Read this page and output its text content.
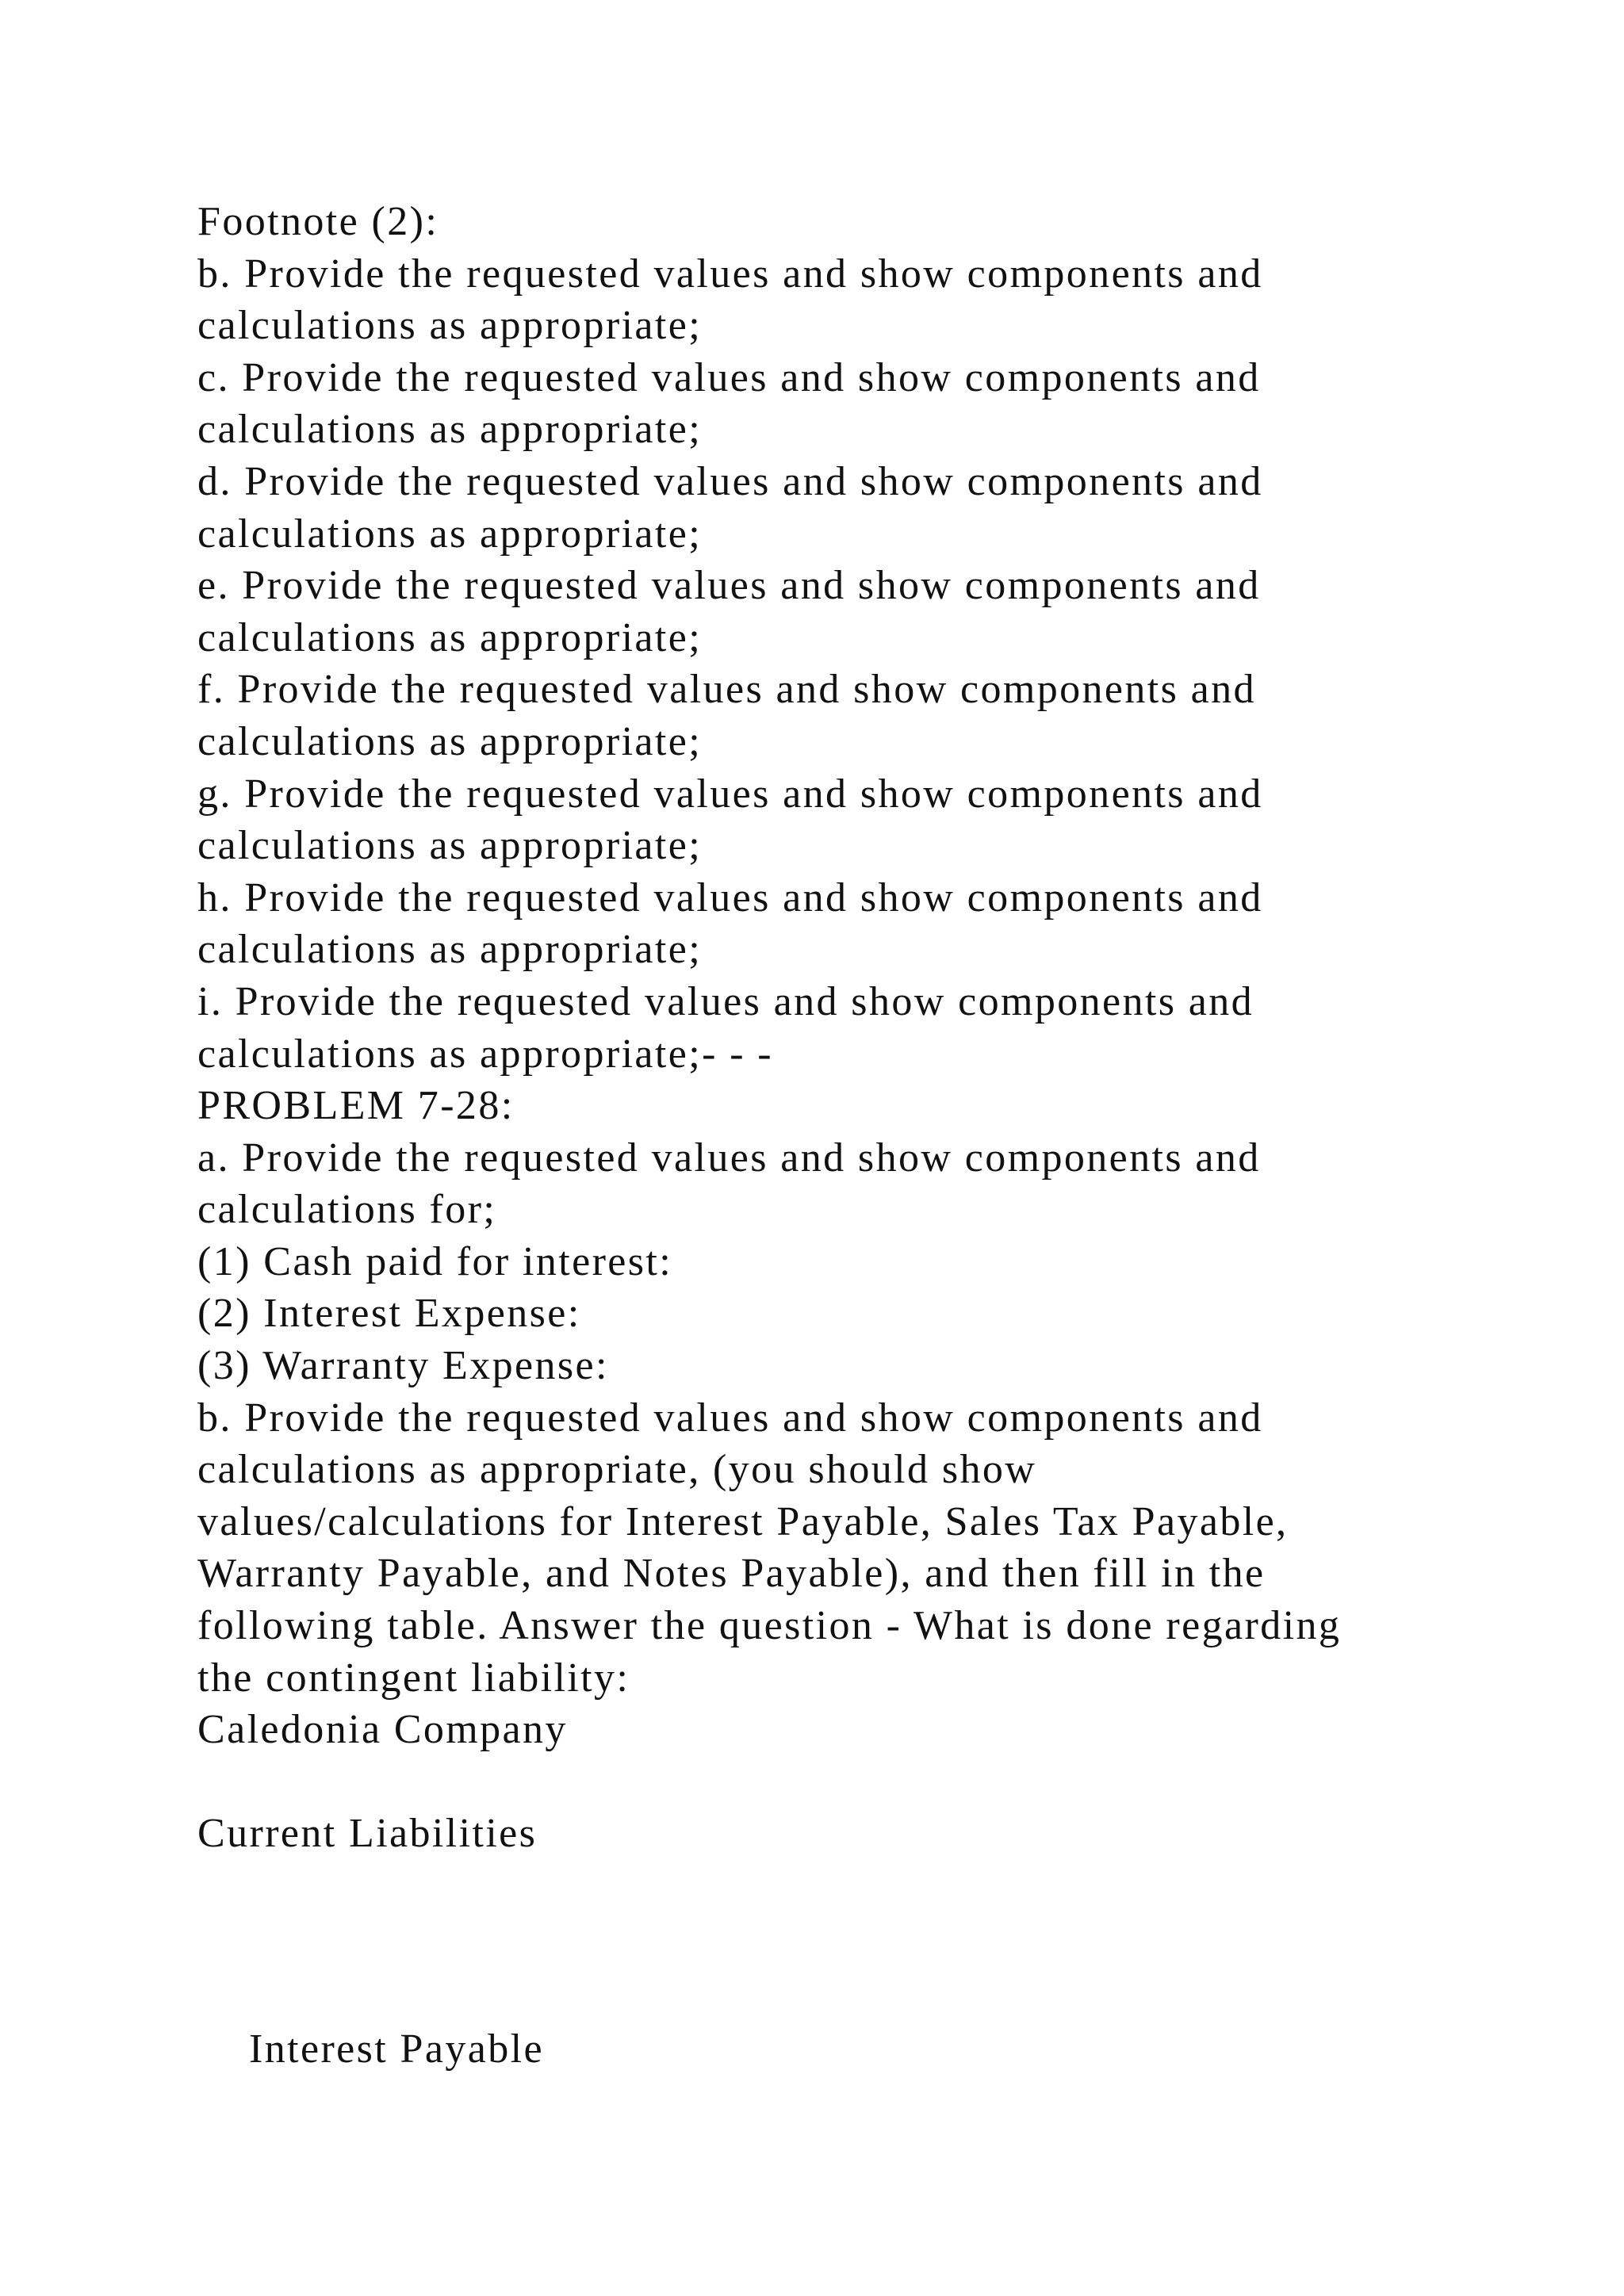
Footnote (2):
b. Provide the requested values and show components and
calculations as appropriate;
c. Provide the requested values and show components and
calculations as appropriate;
d. Provide the requested values and show components and
calculations as appropriate;
e. Provide the requested values and show components and
calculations as appropriate;
f. Provide the requested values and show components and
calculations as appropriate;
g. Provide the requested values and show components and
calculations as appropriate;
h. Provide the requested values and show components and
calculations as appropriate;
i. Provide the requested values and show components and
calculations as appropriate;- - -
PROBLEM 7-28:
a. Provide the requested values and show components and
calculations for;
(1) Cash paid for interest:
(2) Interest Expense:
(3) Warranty Expense:
b. Provide the requested values and show components and
calculations as appropriate, (you should show
values/calculations for Interest Payable, Sales Tax Payable,
Warranty Payable, and Notes Payable), and then fill in the
following table. Answer the question - What is done regarding
the contingent liability:
Caledonia Company
Current Liabilities
Interest Payable
